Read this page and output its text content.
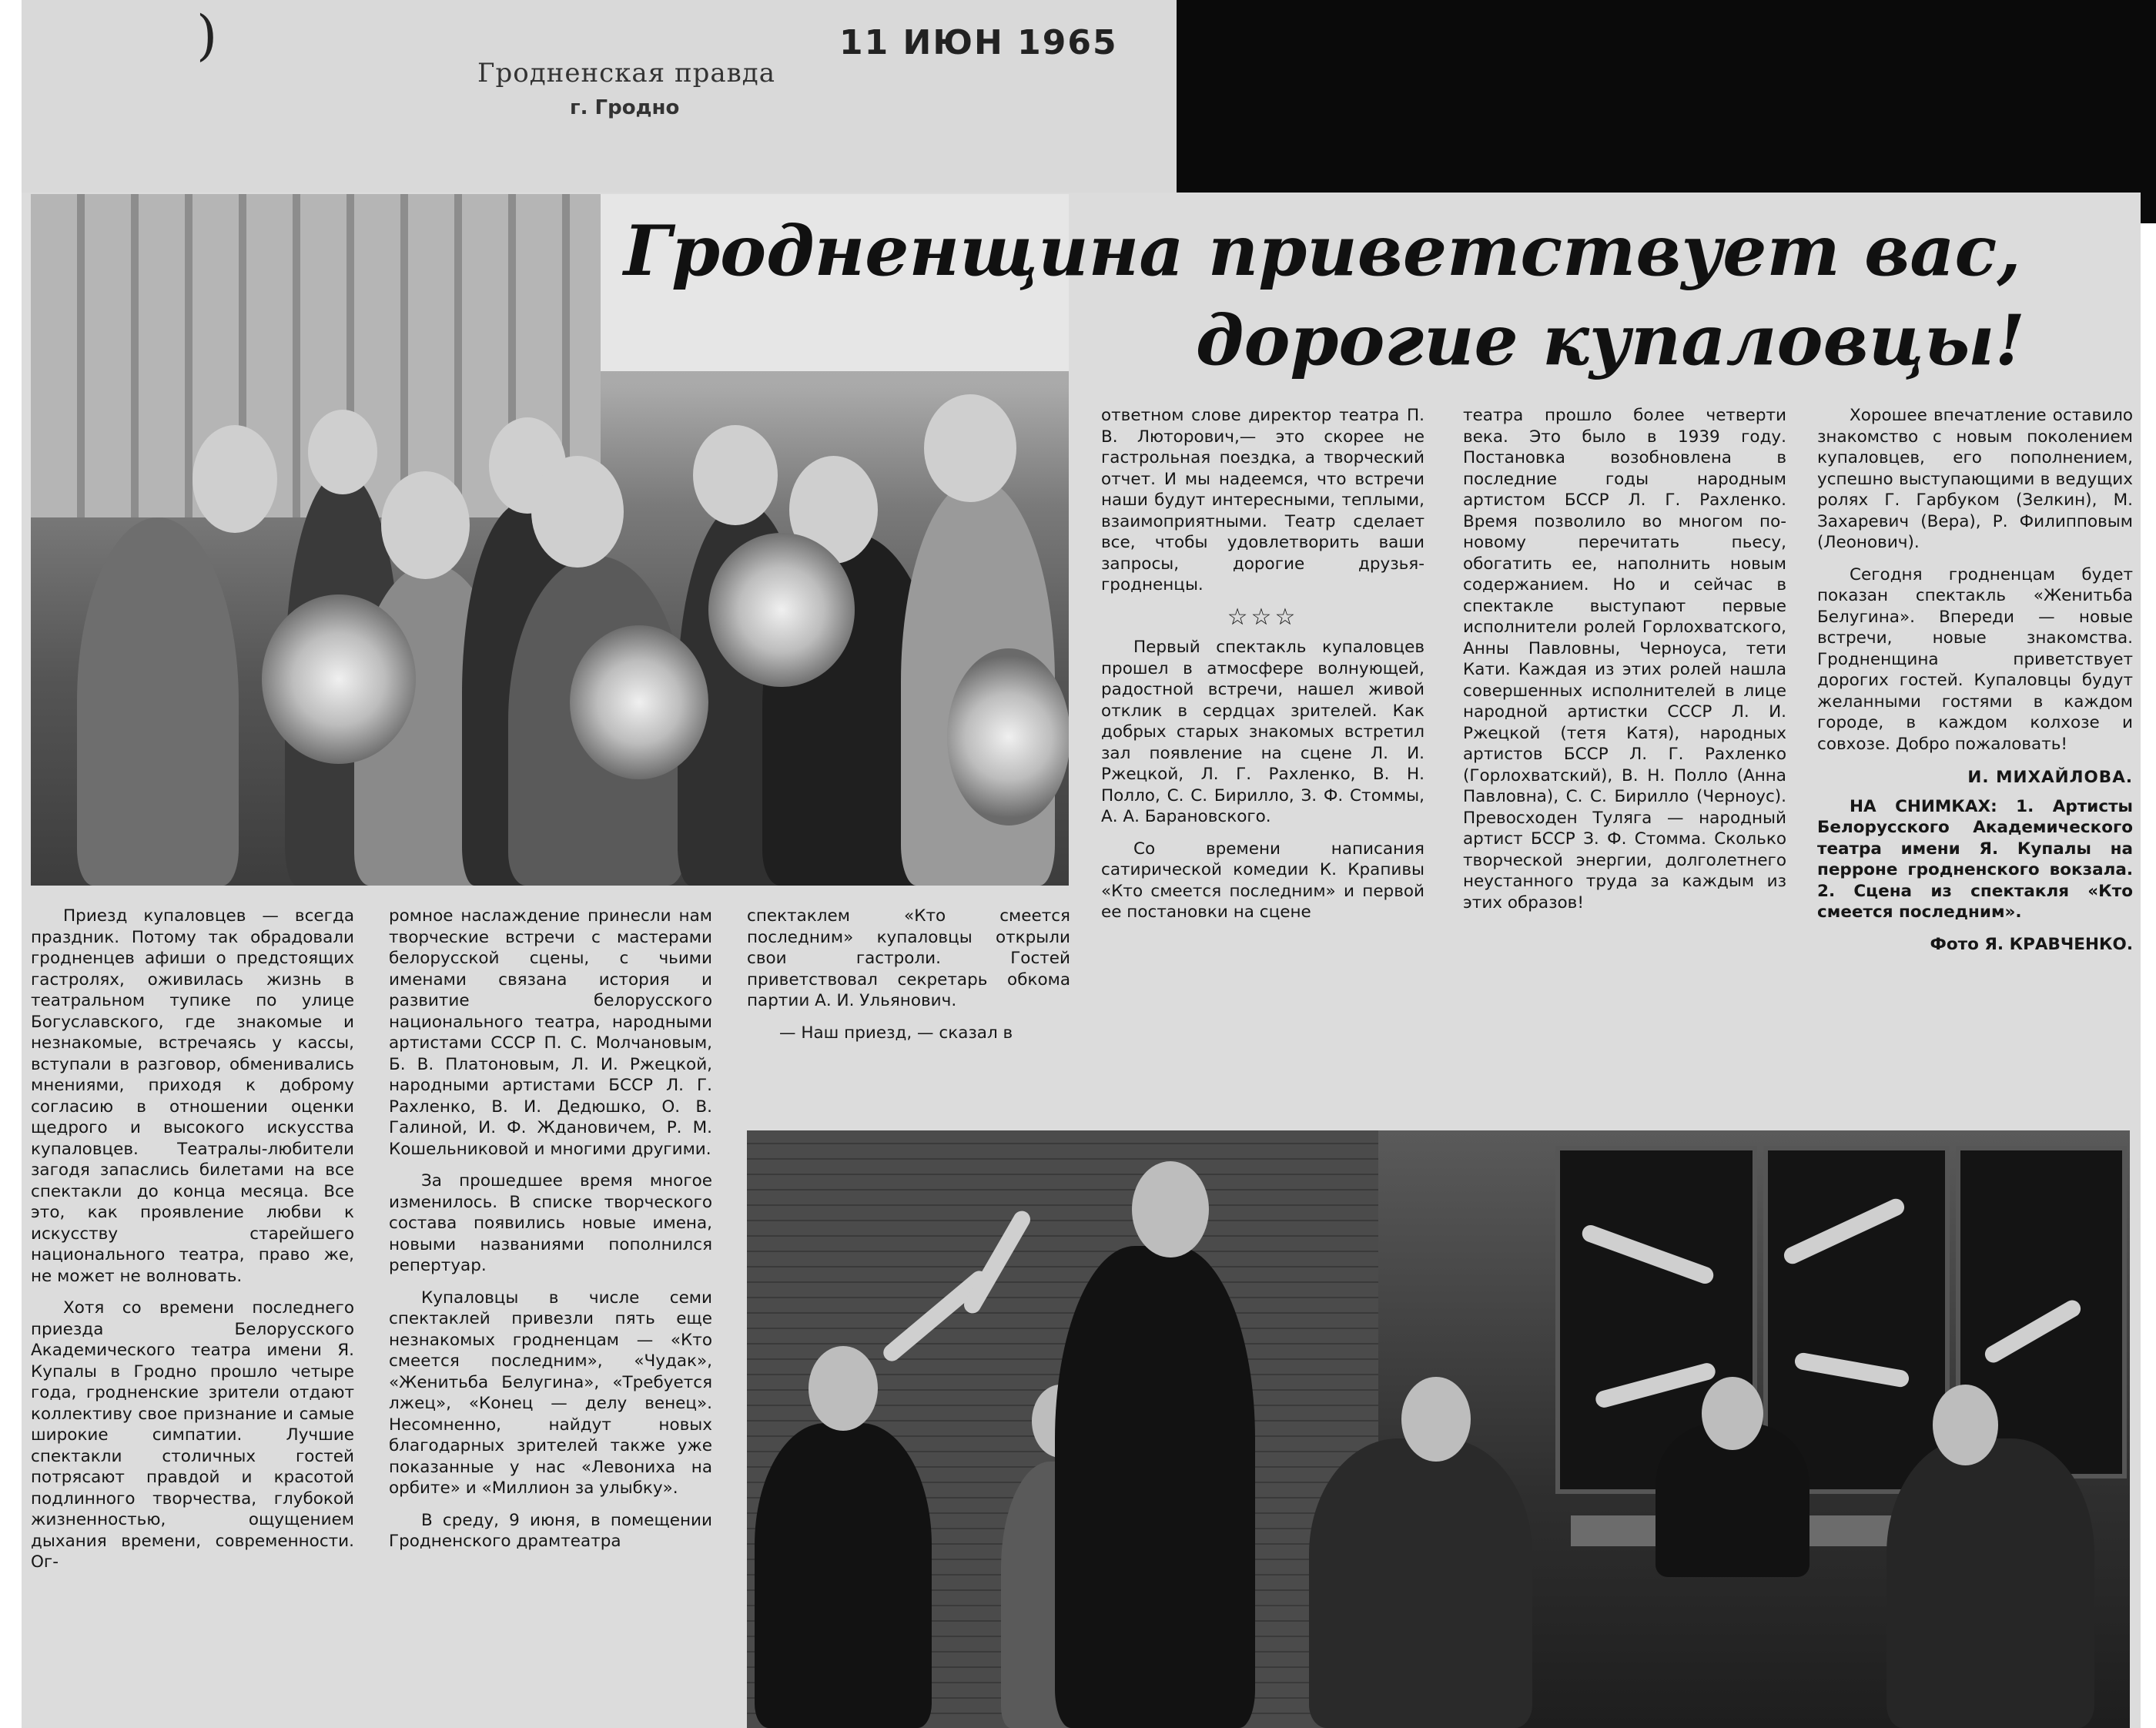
)
Гродненская правда
г. Гродно
11 ИЮН 1965
Гродненщина приветствует вас,
дорогие купаловцы!

Приезд купаловцев — всегда праздник. Потому так обрадовали гродненцев афиши о предстоящих гастролях, оживилась жизнь в театральном тупике по улице Богуславского, где знакомые и незнакомые, встречаясь у кассы, вступали в разговор, обменивались мнениями, приходя к доброму согласию в отношении оценки щедрого и высокого искусства купаловцев. Театралы-любители загодя запаслись билетами на все спектакли до конца месяца. Все это, как проявление любви к искусству старейшего национального театра, право же, не может не волновать.

Хотя со времени последнего приезда Белорусского Академического театра имени Я. Купалы в Гродно прошло четыре года, гродненские зрители отдают коллективу свое признание и самые широкие симпатии. Лучшие спектакли столичных гостей потрясают правдой и красотой подлинного творчества, глубокой жизненностью, ощущением дыхания времени, современности. Ог-

ромное наслаждение принесли нам творческие встречи с мастерами белорусской сцены, с чьими именами связана история и развитие белорусского национального театра, народными артистами СССР П. С. Молчановым, Б. В. Платоновым, Л. И. Ржецкой, народными артистами БССР Л. Г. Рахленко, В. И. Дедюшко, О. В. Галиной, И. Ф. Ждановичем, Р. М. Кошельниковой и многими другими.

За прошедшее время многое изменилось. В списке творческого состава появились новые имена, новыми названиями пополнился репертуар.

Купаловцы в числе семи спектаклей привезли пять еще незнакомых гродненцам — «Кто смеется последним», «Чудак», «Женитьба Белугина», «Требуется лжец», «Конец — делу венец». Несомненно, найдут новых благодарных зрителей также уже показанные у нас «Левониха на орбите» и «Миллион за улыбку».

В среду, 9 июня, в помещении Гродненского драмтеатра

спектаклем «Кто смеется последним» купаловцы открыли свои гастроли. Гостей приветствовал секретарь обкома партии А. И. Ульянович.

— Наш приезд, — сказал в

ответном слове директор театра П. В. Люторович,— это скорее не гастрольная поездка, а творческий отчет. И мы надеемся, что встречи наши будут интересными, теплыми, взаимоприятными. Театр сделает все, чтобы удовлетворить ваши запросы, дорогие друзья-гродненцы.

☆☆☆

Первый спектакль купаловцев прошел в атмосфере волнующей, радостной встречи, нашел живой отклик в сердцах зрителей. Как добрых старых знакомых встретил зал появление на сцене Л. И. Ржецкой, Л. Г. Рахленко, В. Н. Полло, С. С. Бирилло, З. Ф. Стоммы, А. А. Барановского.

Со времени написания сатирической комедии К. Крапивы «Кто смеется последним» и первой ее постановки на сцене

театра прошло более четверти века. Это было в 1939 году. Постановка возобновлена в последние годы народным артистом БССР Л. Г. Рахленко. Время позволило во многом по-новому перечитать пьесу, обогатить ее, наполнить новым содержанием. Но и сейчас в спектакле выступают первые исполнители ролей Горлохватского, Анны Павловны, Черноуса, тети Кати. Каждая из этих ролей нашла совершенных исполнителей в лице народной артистки СССР Л. И. Ржецкой (тетя Катя), народных артистов БССР Л. Г. Рахленко (Горлохватский), В. Н. Полло (Анна Павловна), С. С. Бирилло (Черноус). Превосходен Туляга — народный артист БССР З. Ф. Стомма. Сколько творческой энергии, долголетнего неустанного труда за каждым из этих образов!

Хорошее впечатление оставило знакомство с новым поколением купаловцев, его пополнением, успешно выступающими в ведущих ролях Г. Гарбуком (Зелкин), М. Захаревич (Вера), Р. Филипповым (Леонович).

Сегодня гродненцам будет показан спектакль «Женитьба Белугина». Впереди — новые встречи, новые знакомства. Гродненщина приветствует дорогих гостей. Купаловцы будут желанными гостями в каждом городе, в каждом колхозе и совхозе. Добро пожаловать!

И. МИХАЙЛОВА.

НА СНИМКАХ: 1. Артисты Белорусского Академического театра имени Я. Купалы на перроне гродненского вокзала. 2. Сцена из спектакля «Кто смеется последним».

Фото Я. КРАВЧЕНКО.
